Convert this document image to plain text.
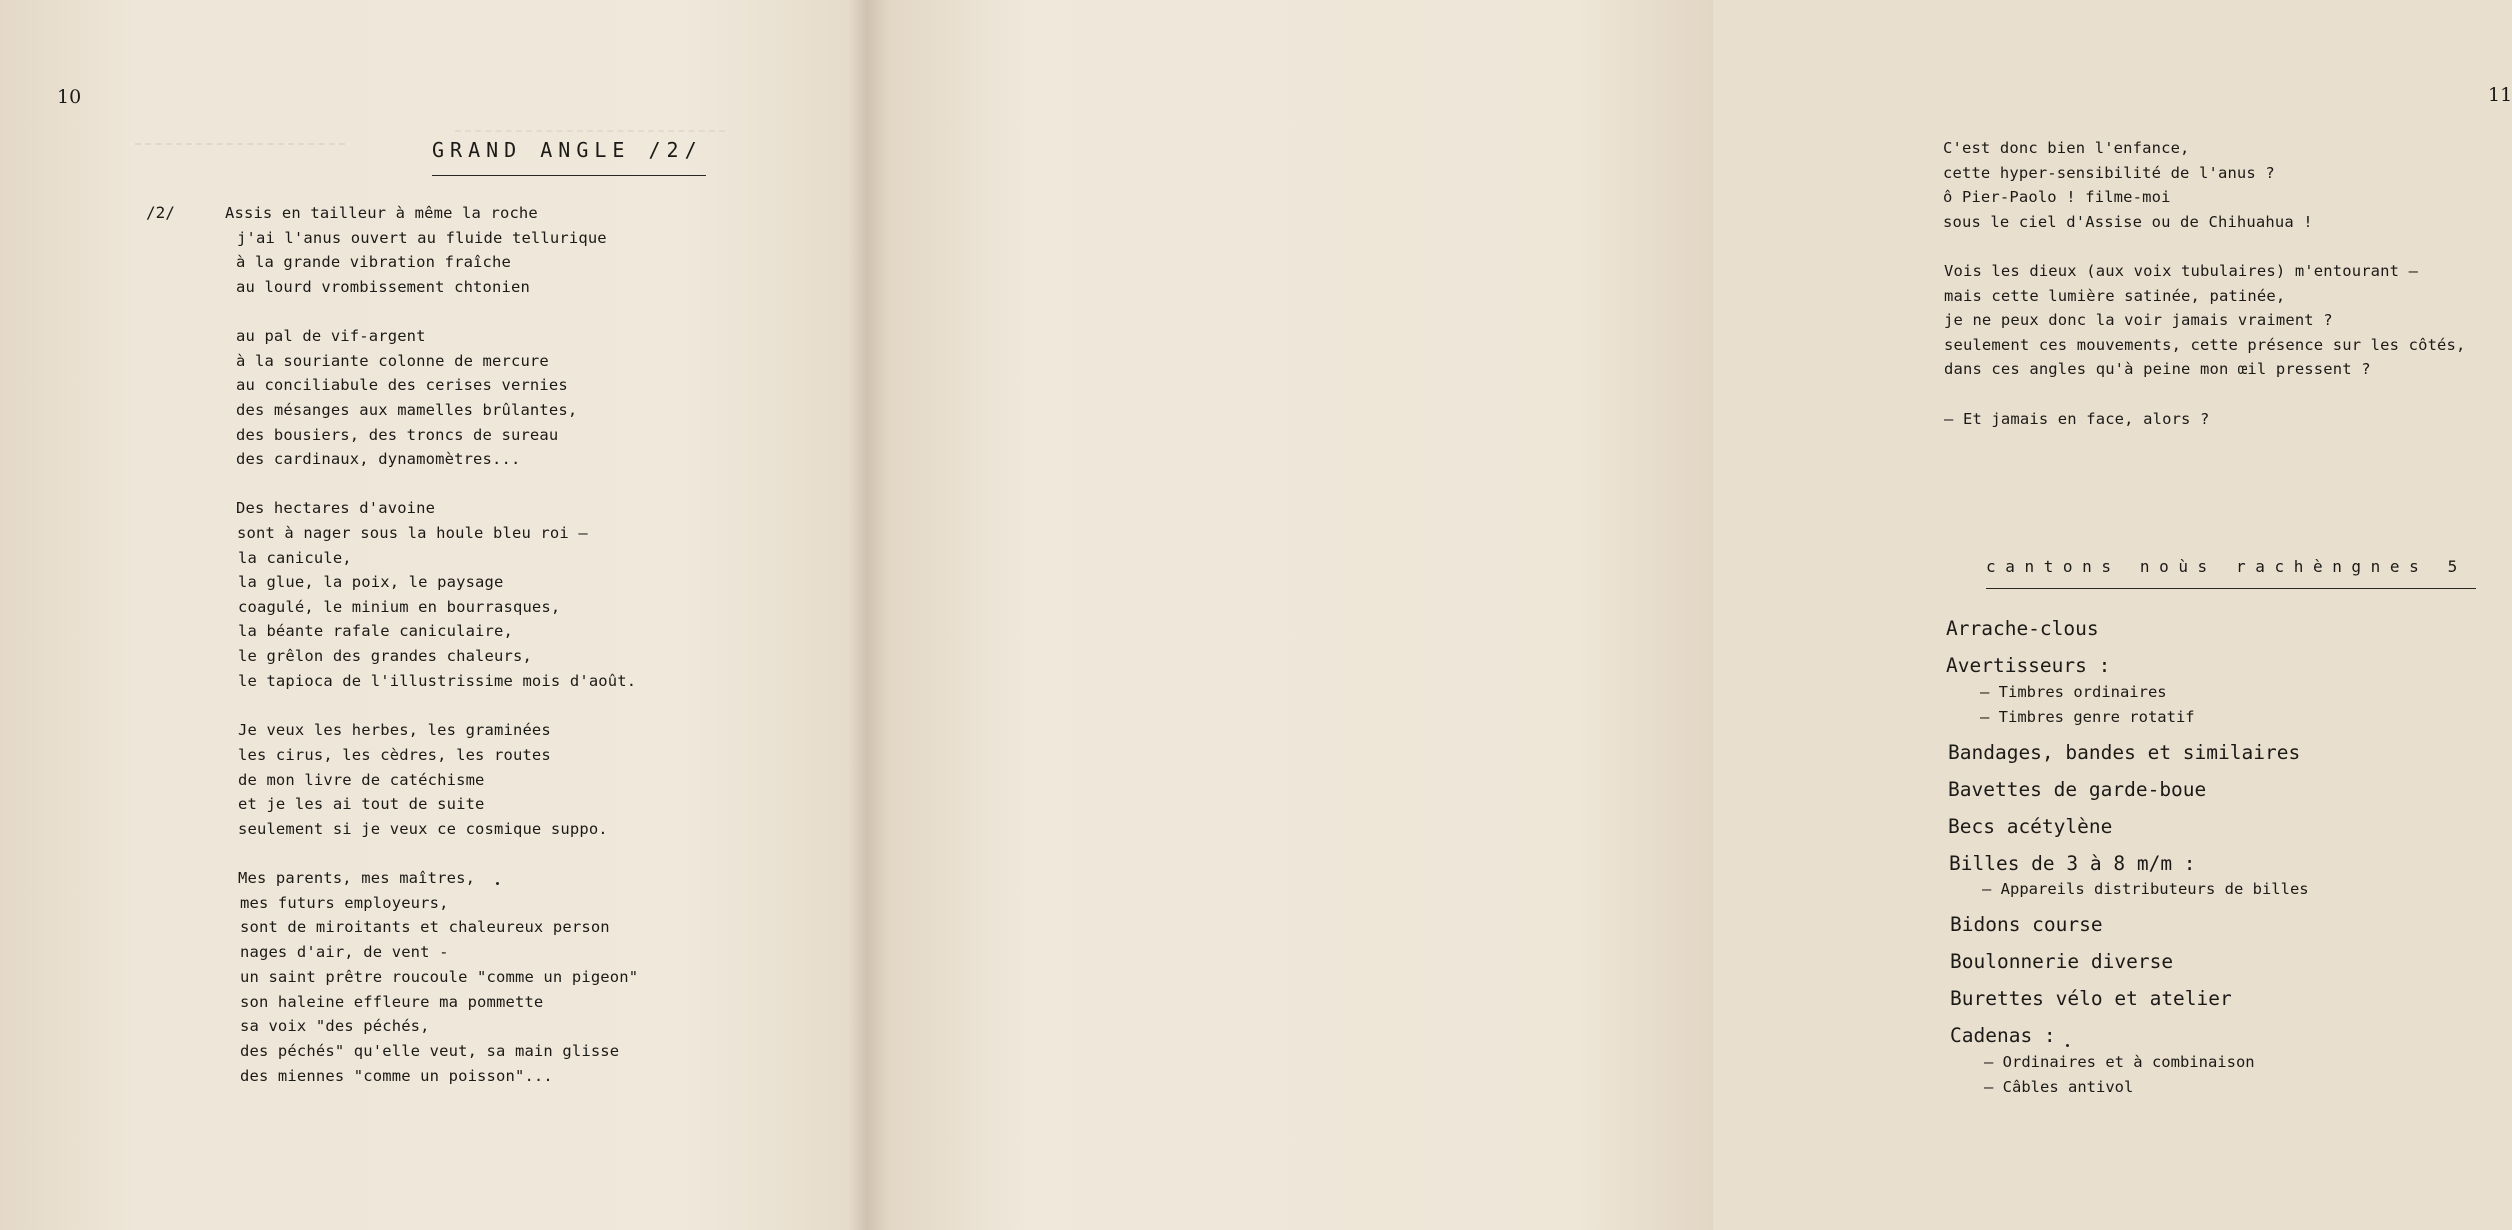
10
GRAND ANGLE /2/
/2/	Assis en tailleur à même la roche
j'ai l'anus ouvert au fluide tellurique
à la grande vibration fraîche
au lourd vrombissement chtonien
au pal de vif-argent
à la souriante colonne de mercure
au conciliabule des cerises vernies
des mésanges aux mamelles brûlantes,
des bousiers, des troncs de sureau
des cardinaux, dynamomètres...
Des hectares d'avoine
sont à nager sous la houle bleu roi —
la canicule,
la glue, la poix, le paysage
coagulé, le minium en bourrasques,
la béante rafale caniculaire,
le grêlon des grandes chaleurs,
le tapioca de l'illustrissime mois d'août.
Je veux les herbes, les graminées
les cirus, les cèdres, les routes
de mon livre de catéchisme
et je les ai tout de suite
seulement si je veux ce cosmique suppo.
Mes parents, mes maîtres,
mes futurs employeurs,
sont de miroitants et chaleureux person
nages d'air, de vent -
un saint prêtre roucoule "comme un pigeon"
son haleine effleure ma pommette
sa voix "des péchés,
des péchés" qu'elle veut, sa main glisse
des miennes "comme un poisson"...
11
C'est donc bien l'enfance,
cette hyper-sensibilité de l'anus ?
ô Pier-Paolo ! filme-moi
sous le ciel d'Assise ou de Chihuahua !
Vois les dieux (aux voix tubulaires) m'entourant —
mais cette lumière satinée, patinée,
je ne peux donc la voir jamais vraiment ?
seulement ces mouvements, cette présence sur les côtés,
dans ces angles qu'à peine mon œil pressent ?
— Et jamais en face, alors ?
cantons noùs rachèngnes 5
Arrache-clous
Avertisseurs :
Bandages, bandes et similaires
Bavettes de garde-boue
Becs acétylène
Billes de 3 à 8 m/m :
Bidons course
Boulonnerie diverse
Burettes vélo et atelier
Cadenas :
— Timbres ordinaires
— Timbres genre rotatif
— Appareils distributeurs de billes
— Ordinaires et à combinaison
— Câbles antivol
